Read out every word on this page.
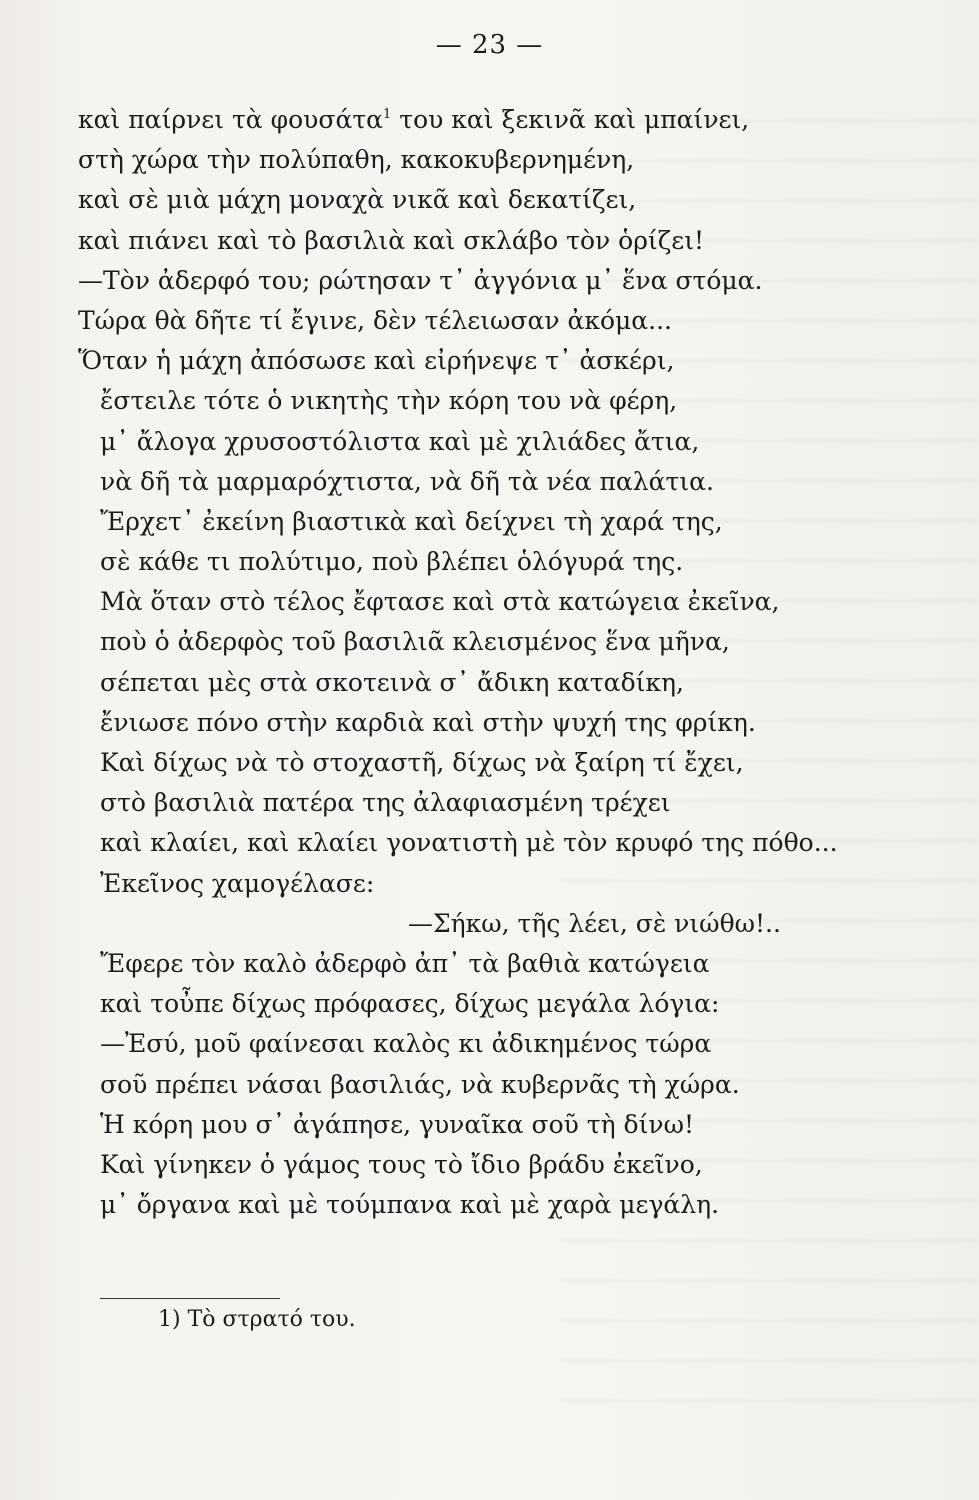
— 23 —
καὶ παίρνει τὰ φουσάτα$^1$ του καὶ ξεκινᾶ καὶ μπαίνει,
στὴ χώρα τὴν πολύπαθη, κακοκυβερνημένη,
καὶ σὲ μιὰ μάχη μοναχὰ νικᾶ καὶ δεκατίζει,
καὶ πιάνει καὶ τὸ βασιλιὰ καὶ σκλάβο τὸν ὁρίζει!
—Τὸν ἀδερφό του; ρώτησαν τ᾽ ἀγγόνια μ᾽ ἕνα στόμα.
Τώρα θὰ δῆτε τί ἔγινε, δὲν τέλειωσαν ἀκόμα...
Ὅταν ἡ μάχη ἀπόσωσε καὶ εἰρήνεψε τ᾽ ἀσκέρι,
ἔστειλε τότε ὁ νικητὴς τὴν κόρη του νὰ φέρη,
μ᾽ ἄλογα χρυσοστόλιστα καὶ μὲ χιλιάδες ἄτια,
νὰ δῆ τὰ μαρμαρόχτιστα, νὰ δῆ τὰ νέα παλάτια.
Ἔρχετ᾽ ἐκείνη βιαστικὰ καὶ δείχνει τὴ χαρά της,
σὲ κάθε τι πολύτιμο, ποὺ βλέπει ὁλόγυρά της.
Μὰ ὅταν στὸ τέλος ἔφτασε καὶ στὰ κατώγεια ἐκεῖνα,
ποὺ ὁ ἀδερφὸς τοῦ βασιλιᾶ κλεισμένος ἕνα μῆνα,
σέπεται μὲς στὰ σκοτεινὰ σ᾽ ἄδικη καταδίκη,
ἔνιωσε πόνο στὴν καρδιὰ καὶ στὴν ψυχή της φρίκη.
Καὶ δίχως νὰ τὸ στοχαστῆ, δίχως νὰ ξαίρη τί ἔχει,
στὸ βασιλιὰ πατέρα της ἀλαφιασμένη τρέχει
καὶ κλαίει, καὶ κλαίει γονατιστὴ μὲ τὸν κρυφό της πόθο...
Ἐκεῖνος χαμογέλασε:
—Σήκω, τῆς λέει, σὲ νιώθω!..
Ἔφερε τὸν καλὸ ἀδερφὸ ἀπ᾽ τὰ βαθιὰ κατώγεια
καὶ τοὖπε δίχως πρόφασες, δίχως μεγάλα λόγια:
—Ἐσύ, μοῦ φαίνεσαι καλὸς κι ἀδικημένος τώρα
σοῦ πρέπει νάσαι βασιλιάς, νὰ κυβερνᾶς τὴ χώρα.
Ἡ κόρη μου σ᾽ ἀγάπησε, γυναῖκα σοῦ τὴ δίνω!
Καὶ γίνηκεν ὁ γάμος τους τὸ ἴδιο βράδυ ἐκεῖνο,
μ᾽ ὄργανα καὶ μὲ τούμπανα καὶ μὲ χαρὰ μεγάλη.
1) Τὸ στρατό του.
